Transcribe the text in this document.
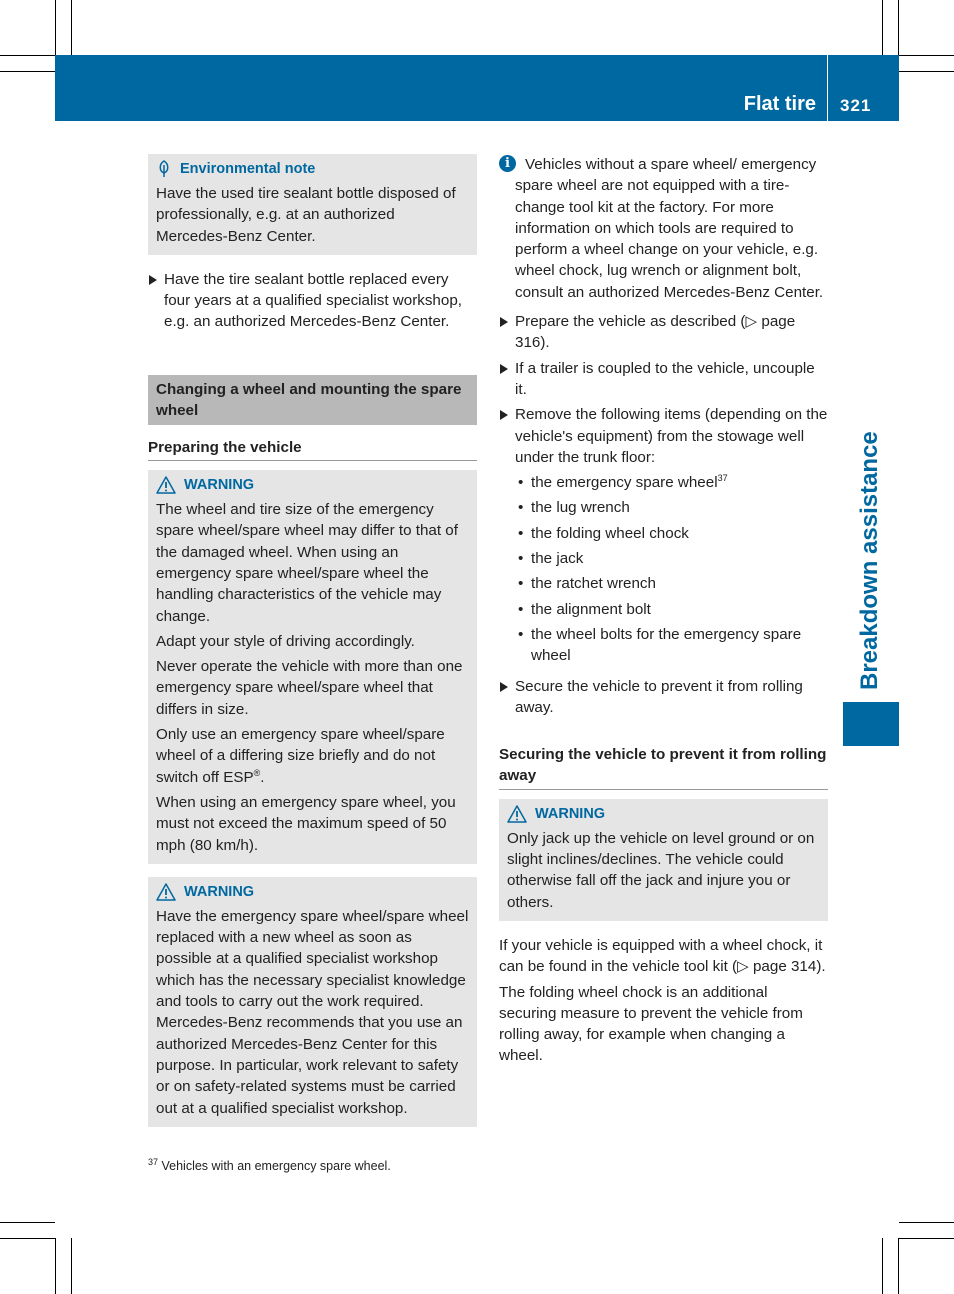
Flat tire 321
Breakdown assistance
Environmental note

Have the used tire sealant bottle disposed of professionally, e.g. at an authorized Mercedes-Benz Center.

Have the tire sealant bottle replaced every four years at a qualified specialist workshop, e.g. an authorized Mercedes-Benz Center.
Changing a wheel and mounting the spare wheel
Preparing the vehicle
WARNING

The wheel and tire size of the emergency spare wheel/spare wheel may differ to that of the damaged wheel. When using an emergency spare wheel/spare wheel the handling characteristics of the vehicle may change.

Adapt your style of driving accordingly.

Never operate the vehicle with more than one emergency spare wheel/spare wheel that differs in size.

Only use an emergency spare wheel/spare wheel of a differing size briefly and do not switch off ESP®.

When using an emergency spare wheel, you must not exceed the maximum speed of 50 mph (80 km/h).

WARNING

Have the emergency spare wheel/spare wheel replaced with a new wheel as soon as possible at a qualified specialist workshop which has the necessary specialist knowledge and tools to carry out the work required. Mercedes-Benz recommends that you use an authorized Mercedes-Benz Center for this purpose. In particular, work relevant to safety or on safety-related systems must be carried out at a qualified specialist workshop.

i Vehicles without a spare wheel/ emergency spare wheel are not equipped with a tire-change tool kit at the factory. For more information on which tools are required to perform a wheel change on your vehicle, e.g. wheel chock, lug wrench or alignment bolt, consult an authorized Mercedes-Benz Center.
Prepare the vehicle as described (▷ page 316).
If a trailer is coupled to the vehicle, uncouple it.
Remove the following items (depending on the vehicle's equipment) from the stowage well under the trunk floor:
• the emergency spare wheel$^{37}$
• the lug wrench
• the folding wheel chock
• the jack
• the ratchet wrench
• the alignment bolt
• the wheel bolts for the emergency spare wheel
Secure the vehicle to prevent it from rolling away.
Securing the vehicle to prevent it from rolling away
WARNING

Only jack up the vehicle on level ground or on slight inclines/declines. The vehicle could otherwise fall off the jack and injure you or others.

If your vehicle is equipped with a wheel chock, it can be found in the vehicle tool kit (▷ page 314).

The folding wheel chock is an additional securing measure to prevent the vehicle from rolling away, for example when changing a wheel.

$^{37}$ Vehicles with an emergency spare wheel.
